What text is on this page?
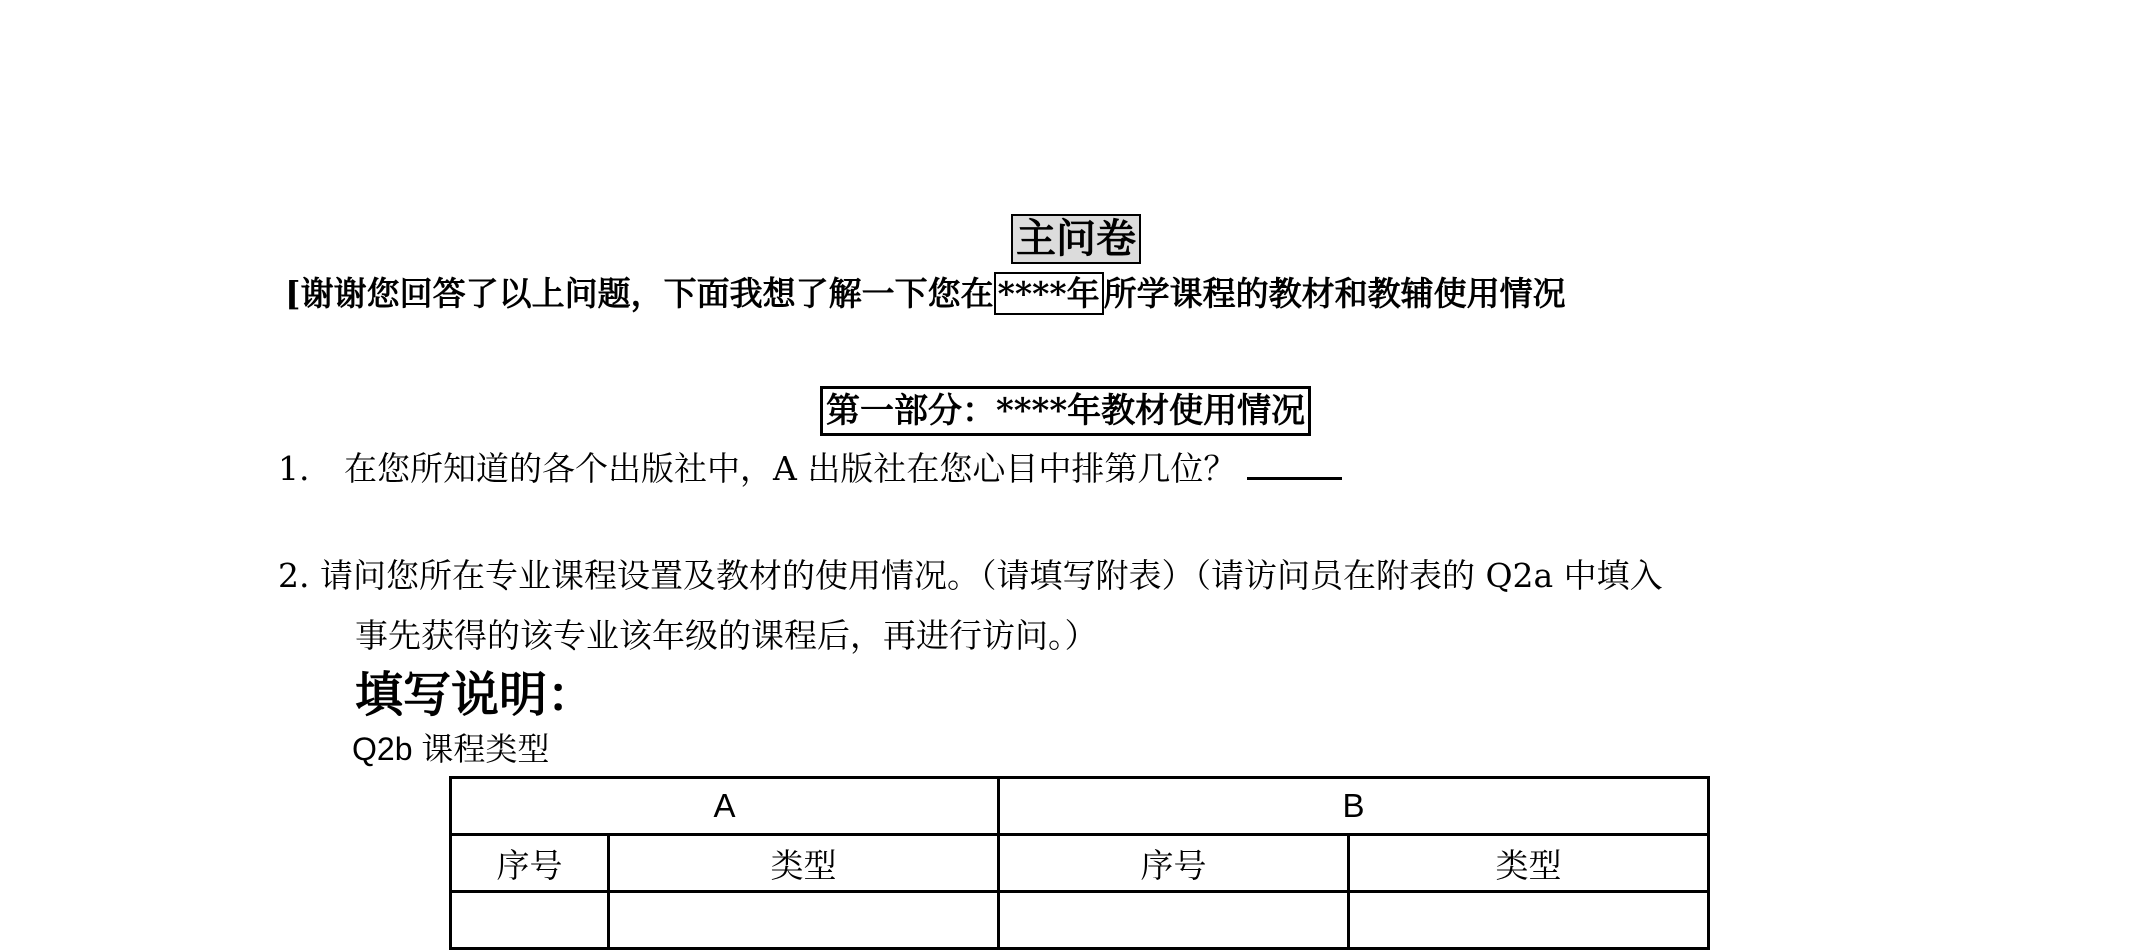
主问卷
[谢谢您回答了以上问题，下面我想了解一下您在 ****年 所学课程的教材和教辅使用情况
第一部分：****年教材使用情况
1. 在您所知道的各个出版社中，A 出版社在您心目中排第几位？
2. 请问您所在专业课程设置及教材的使用情况。（请填写附表）（请访问员在附表的 Q2a 中填入
事先获得的该专业该年级的课程后，再进行访问。）
填写说明：
Q2b 课程类型
A		B	
序号	类型	序号	类型
